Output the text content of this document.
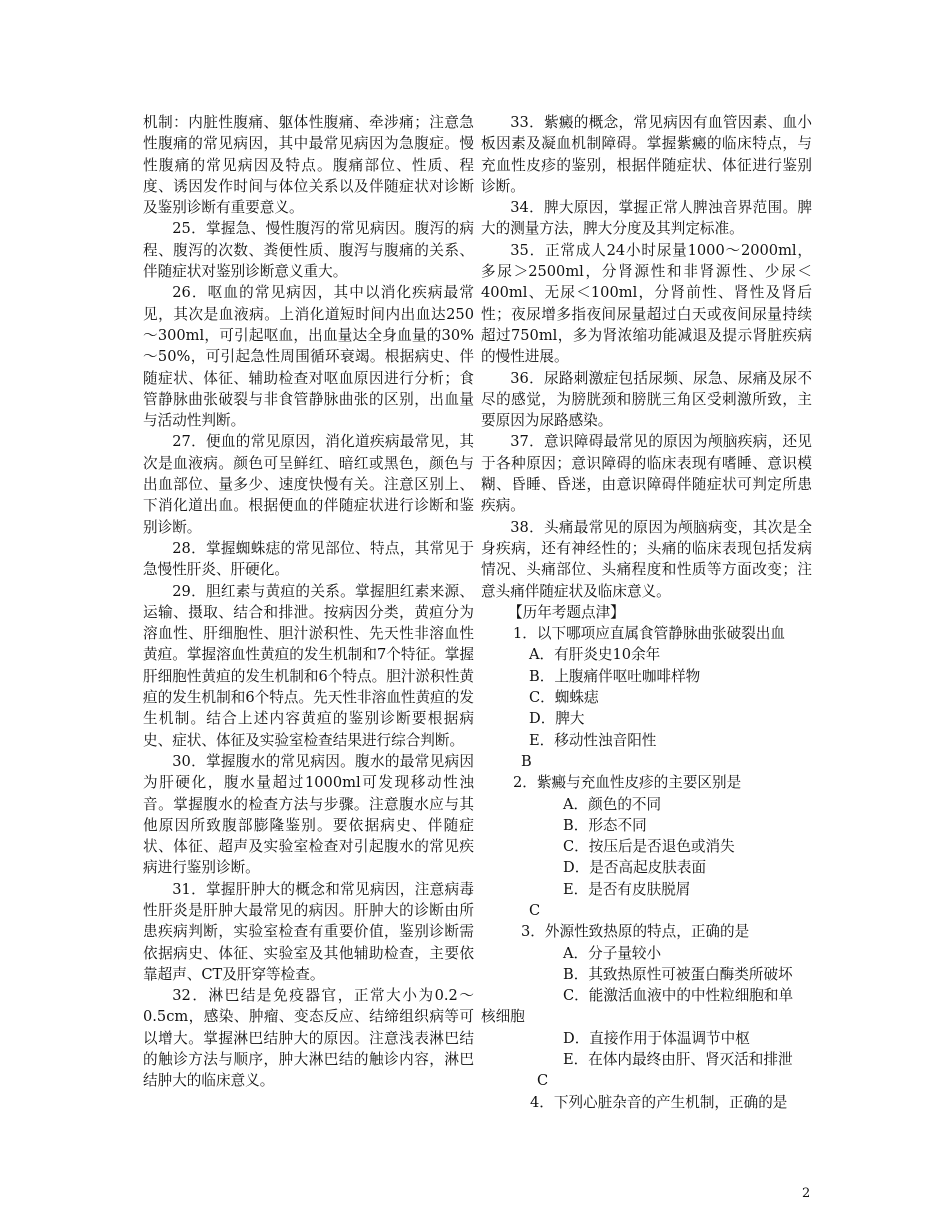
机制：内脏性腹痛、躯体性腹痛、牵涉痛；注意急性腹痛的常见病因，其中最常见病因为急腹症。慢性腹痛的常见病因及特点。腹痛部位、性质、程度、诱因发作时间与体位关系以及伴随症状对诊断及鉴别诊断有重要意义。

25．掌握急、慢性腹泻的常见病因。腹泻的病程、腹泻的次数、粪便性质、腹泻与腹痛的关系、伴随症状对鉴别诊断意义重大。

26．呕血的常见病因，其中以消化疾病最常见，其次是血液病。上消化道短时间内出血达250～300ml，可引起呕血，出血量达全身血量的30%～50%，可引起急性周围循环衰竭。根据病史、伴随症状、体征、辅助检查对呕血原因进行分析；食管静脉曲张破裂与非食管静脉曲张的区别，出血量与活动性判断。

27．便血的常见原因，消化道疾病最常见，其次是血液病。颜色可呈鲜红、暗红或黑色，颜色与出血部位、量多少、速度快慢有关。注意区别上、下消化道出血。根据便血的伴随症状进行诊断和鉴别诊断。

28．掌握蜘蛛痣的常见部位、特点，其常见于急慢性肝炎、肝硬化。

29．胆红素与黄疸的关系。掌握胆红素来源、运输、摄取、结合和排泄。按病因分类，黄疸分为溶血性、肝细胞性、胆汁淤积性、先天性非溶血性黄疸。掌握溶血性黄疸的发生机制和7个特征。掌握肝细胞性黄疸的发生机制和6个特点。胆汁淤积性黄疸的发生机制和6个特点。先天性非溶血性黄疸的发生机制。结合上述内容黄疸的鉴别诊断要根据病史、症状、体征及实验室检查结果进行综合判断。

30．掌握腹水的常见病因。腹水的最常见病因为肝硬化，腹水量超过1000ml可发现移动性浊音。掌握腹水的检查方法与步骤。注意腹水应与其他原因所致腹部膨隆鉴别。要依据病史、伴随症状、体征、超声及实验室检查对引起腹水的常见疾病进行鉴别诊断。

31．掌握肝肿大的概念和常见病因，注意病毒性肝炎是肝肿大最常见的病因。肝肿大的诊断由所患疾病判断，实验室检查有重要价值，鉴别诊断需依据病史、体征、实验室及其他辅助检查，主要依靠超声、CT及肝穿等检查。

32．淋巴结是免疫器官，正常大小为0.2～0.5cm，感染、肿瘤、变态反应、结缔组织病等可以增大。掌握淋巴结肿大的原因。注意浅表淋巴结的触诊方法与顺序，肿大淋巴结的触诊内容，淋巴结肿大的临床意义。

33．紫癜的概念，常见病因有血管因素、血小板因素及凝血机制障碍。掌握紫癜的临床特点，与充血性皮疹的鉴别，根据伴随症状、体征进行鉴别诊断。

34．脾大原因，掌握正常人脾浊音界范围。脾大的测量方法，脾大分度及其判定标准。

35．正常成人24小时尿量1000～2000ml，多尿＞2500ml，分肾源性和非肾源性、少尿＜400ml、无尿＜100ml，分肾前性、肾性及肾后性；夜尿增多指夜间尿量超过白天或夜间尿量持续超过750ml，多为肾浓缩功能减退及提示肾脏疾病的慢性进展。

36．尿路刺激症包括尿频、尿急、尿痛及尿不尽的感觉，为膀胱颈和膀胱三角区受刺激所致，主要原因为尿路感染。

37．意识障碍最常见的原因为颅脑疾病，还见于各种原因；意识障碍的临床表现有嗜睡、意识模糊、昏睡、昏迷，由意识障碍伴随症状可判定所患疾病。

38．头痛最常见的原因为颅脑病变，其次是全身疾病，还有神经性的；头痛的临床表现包括发病情况、头痛部位、头痛程度和性质等方面改变；注意头痛伴随症状及临床意义。

【历年考题点津】
1．以下哪项应直属食管静脉曲张破裂出血
A．有肝炎史10余年
B．上腹痛伴呕吐咖啡样物
C．蜘蛛痣
D．脾大
E．移动性浊音阳性
B
2．紫癜与充血性皮疹的主要区别是
A．颜色的不同
B．形态不同
C．按压后是否退色或消失
D．是否高起皮肤表面
E．是否有皮肤脱屑
C
3．外源性致热原的特点，正确的是
A．分子量较小
B．其致热原性可被蛋白酶类所破坏
C．能激活血液中的中性粒细胞和单
核细胞
D．直接作用于体温调节中枢
E．在体内最终由肝、肾灭活和排泄
C
4．下列心脏杂音的产生机制，正确的是
2
